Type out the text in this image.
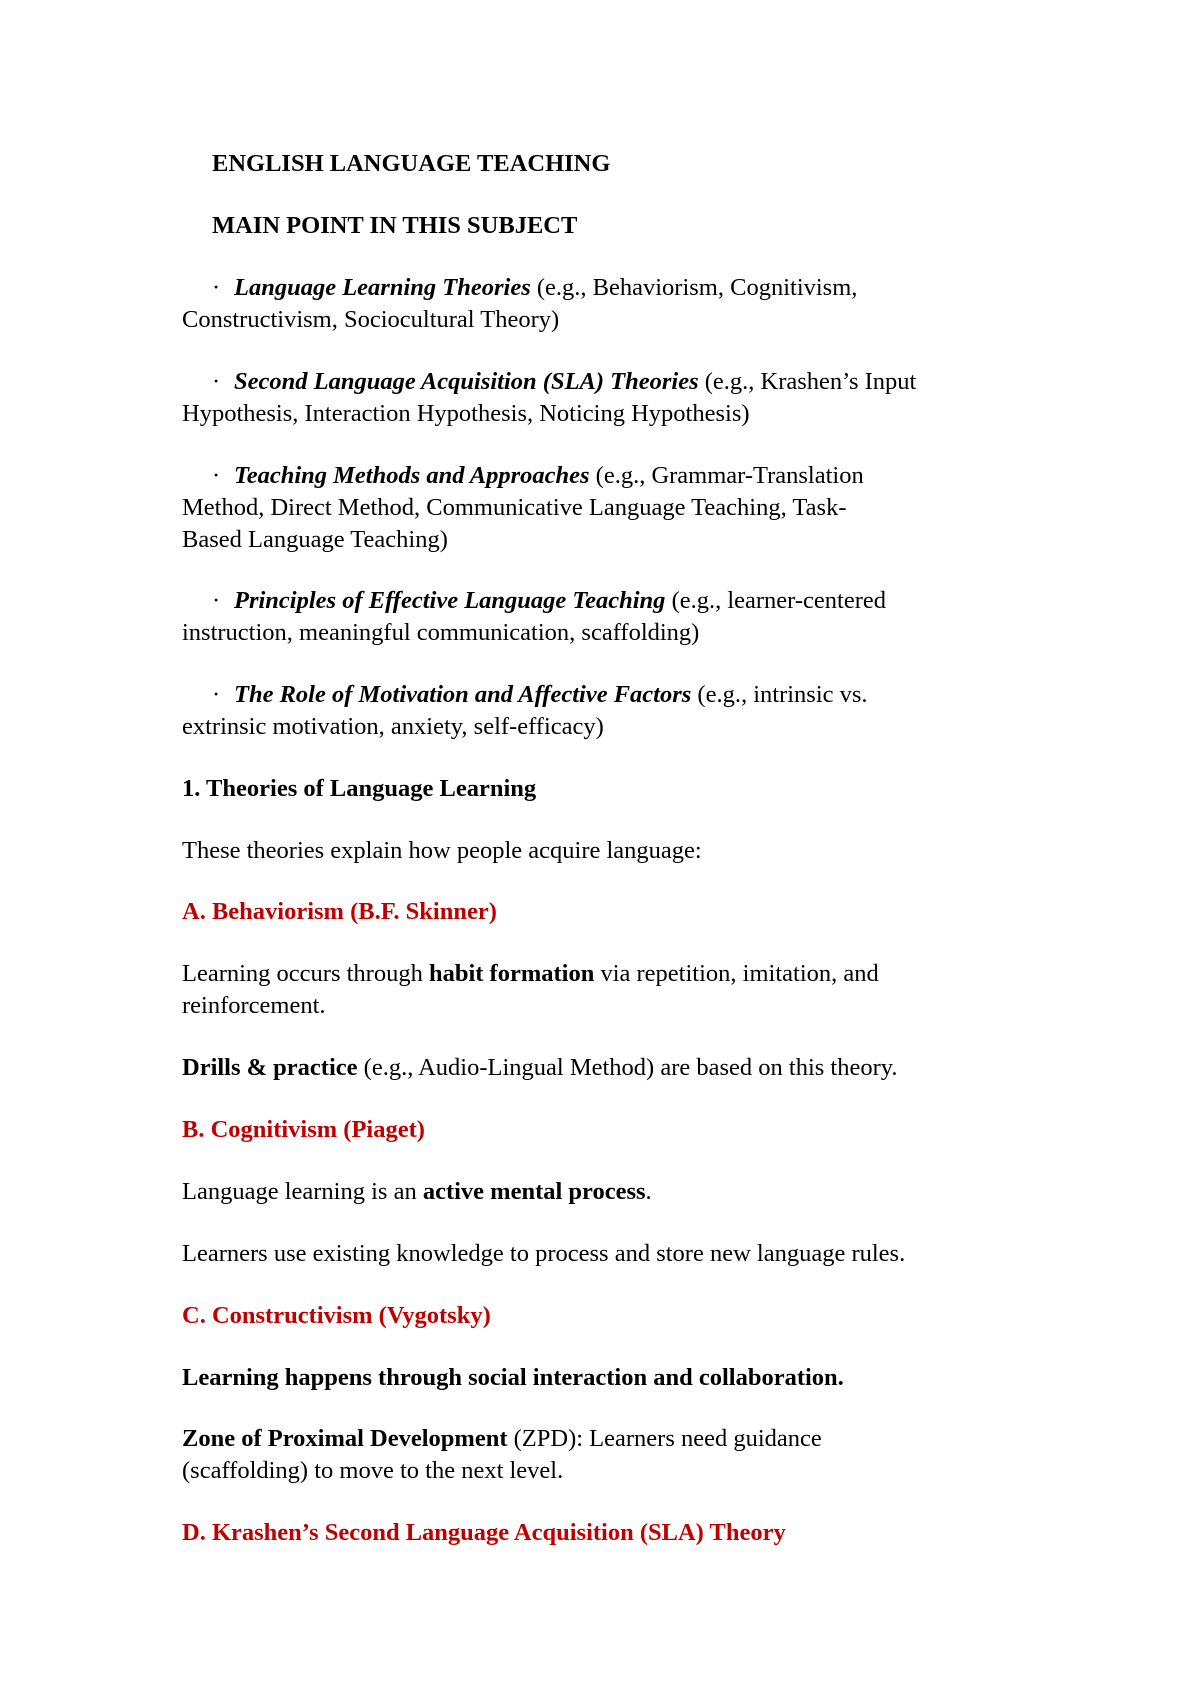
ENGLISH LANGUAGE TEACHING
MAIN POINT IN THIS SUBJECT
· Language Learning Theories (e.g., Behaviorism, Cognitivism,
Constructivism, Sociocultural Theory)
· Second Language Acquisition (SLA) Theories (e.g., Krashen’s Input
Hypothesis, Interaction Hypothesis, Noticing Hypothesis)
· Teaching Methods and Approaches (e.g., Grammar-Translation
Method, Direct Method, Communicative Language Teaching, Task-
Based Language Teaching)
· Principles of Effective Language Teaching (e.g., learner-centered
instruction, meaningful communication, scaffolding)
· The Role of Motivation and Affective Factors (e.g., intrinsic vs.
extrinsic motivation, anxiety, self-efficacy)
1. Theories of Language Learning
These theories explain how people acquire language:
A. Behaviorism (B.F. Skinner)
Learning occurs through habit formation via repetition, imitation, and
reinforcement.
Drills & practice (e.g., Audio-Lingual Method) are based on this theory.
B. Cognitivism (Piaget)
Language learning is an active mental process.
Learners use existing knowledge to process and store new language rules.
C. Constructivism (Vygotsky)
Learning happens through social interaction and collaboration.
Zone of Proximal Development (ZPD): Learners need guidance
(scaffolding) to move to the next level.
D. Krashen’s Second Language Acquisition (SLA) Theory
